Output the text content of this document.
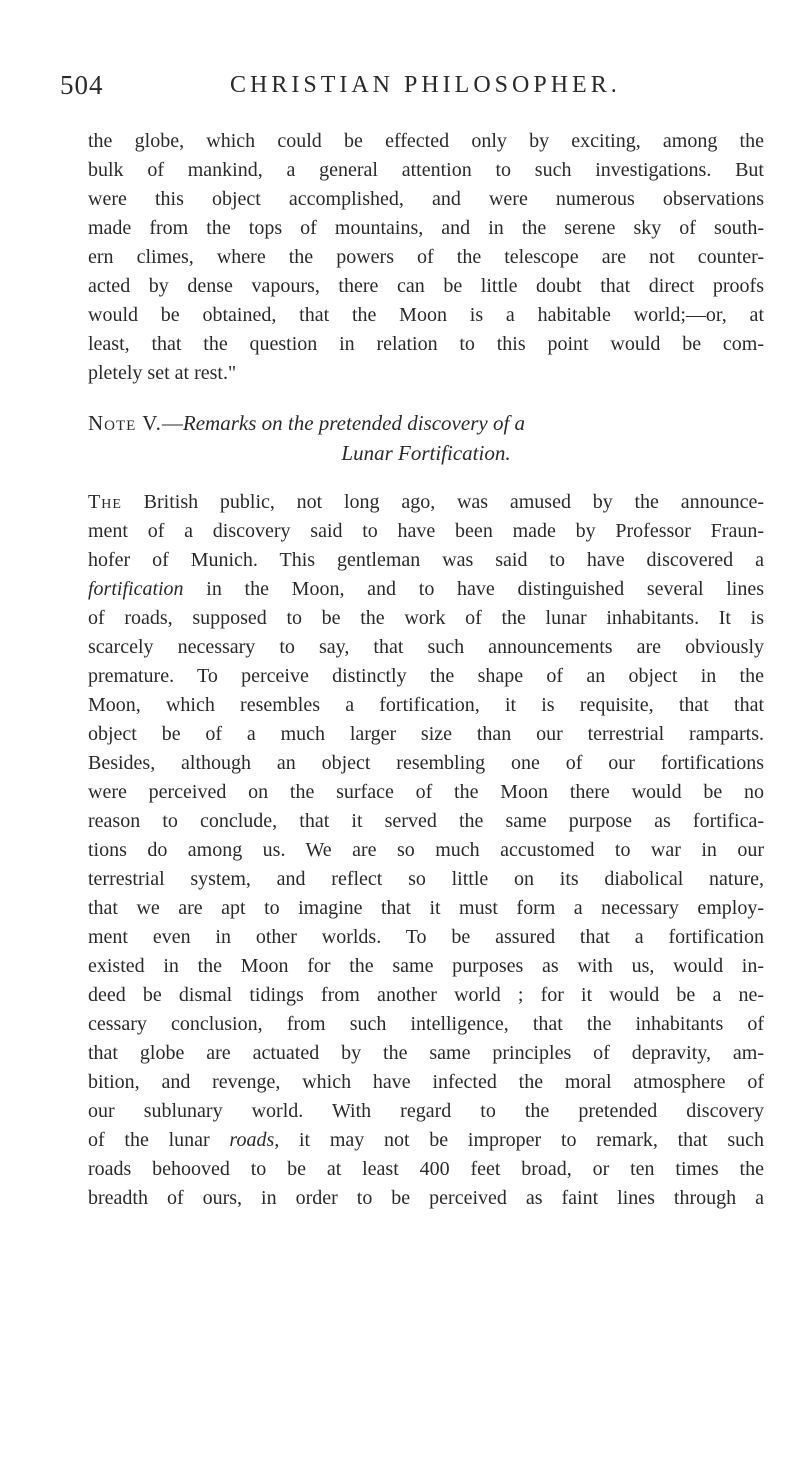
504	CHRISTIAN PHILOSOPHER.
the globe, which could be effected only by exciting, among the
bulk of mankind, a general attention to such investigations. But
were this object accomplished, and were numerous observations
made from the tops of mountains, and in the serene sky of south-
ern climes, where the powers of the telescope are not counter-
acted by dense vapours, there can be little doubt that direct proofs
would be obtained, that the Moon is a habitable world;—or, at
least, that the question in relation to this point would be com-
pletely set at rest."
Note V.—Remarks on the pretended discovery of a
Lunar Fortification.
The British public, not long ago, was amused by the announce-
ment of a discovery said to have been made by Professor Fraun-
hofer of Munich. This gentleman was said to have discovered a
fortification in the Moon, and to have distinguished several lines
of roads, supposed to be the work of the lunar inhabitants. It is
scarcely necessary to say, that such announcements are obviously
premature. To perceive distinctly the shape of an object in the
Moon, which resembles a fortification, it is requisite, that that
object be of a much larger size than our terrestrial ramparts.
Besides, although an object resembling one of our fortifications
were perceived on the surface of the Moon there would be no
reason to conclude, that it served the same purpose as fortifica-
tions do among us. We are so much accustomed to war in our
terrestrial system, and reflect so little on its diabolical nature,
that we are apt to imagine that it must form a necessary employ-
ment even in other worlds. To be assured that a fortification
existed in the Moon for the same purposes as with us, would in-
deed be dismal tidings from another world ; for it would be a ne-
cessary conclusion, from such intelligence, that the inhabitants of
that globe are actuated by the same principles of depravity, am-
bition, and revenge, which have infected the moral atmosphere of
our sublunary world. With regard to the pretended discovery
of the lunar roads, it may not be improper to remark, that such
roads behooved to be at least 400 feet broad, or ten times the
breadth of ours, in order to be perceived as faint lines through a
